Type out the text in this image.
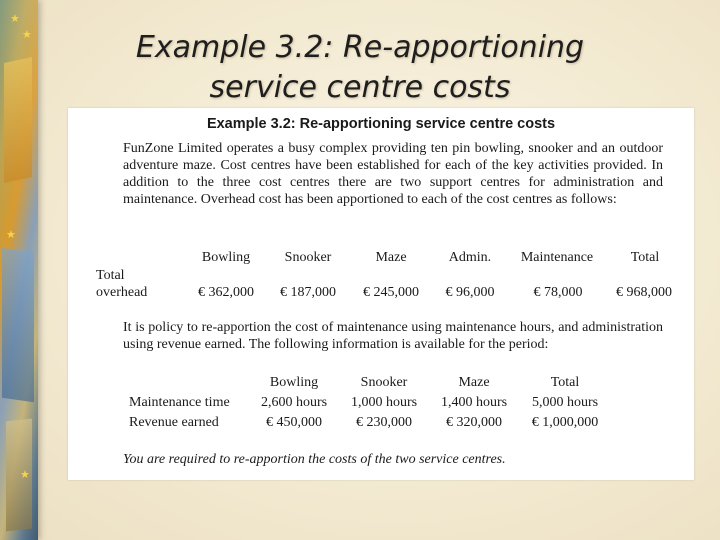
★
★
★
★
Example 3.2: Re-apportioning
service centre costs
Example 3.2: Re-apportioning service centre costs

FunZone Limited operates a busy complex providing ten pin bowling, snooker and an outdoor adventure maze. Cost centres have been established for each of the key activities provided. In addition to the three cost centres there are two support centres for administration and maintenance. Overhead cost has been apportioned to each of the cost centres as follows:

Bowling	Snooker	Maze	Admin.	Maintenance	Total
Total
overhead	€ 362,000	€ 187,000	€ 245,000	€ 96,000	€ 78,000	€ 968,000

It is policy to re-apportion the cost of maintenance using maintenance hours, and administration using revenue earned. The following information is available for the period:

Bowling	Snooker	Maze	Total
Maintenance time	2,600 hours	1,000 hours	1,400 hours	5,000 hours
Revenue earned	€ 450,000	€ 230,000	€ 320,000	€ 1,000,000

You are required to re-apportion the costs of the two service centres.
